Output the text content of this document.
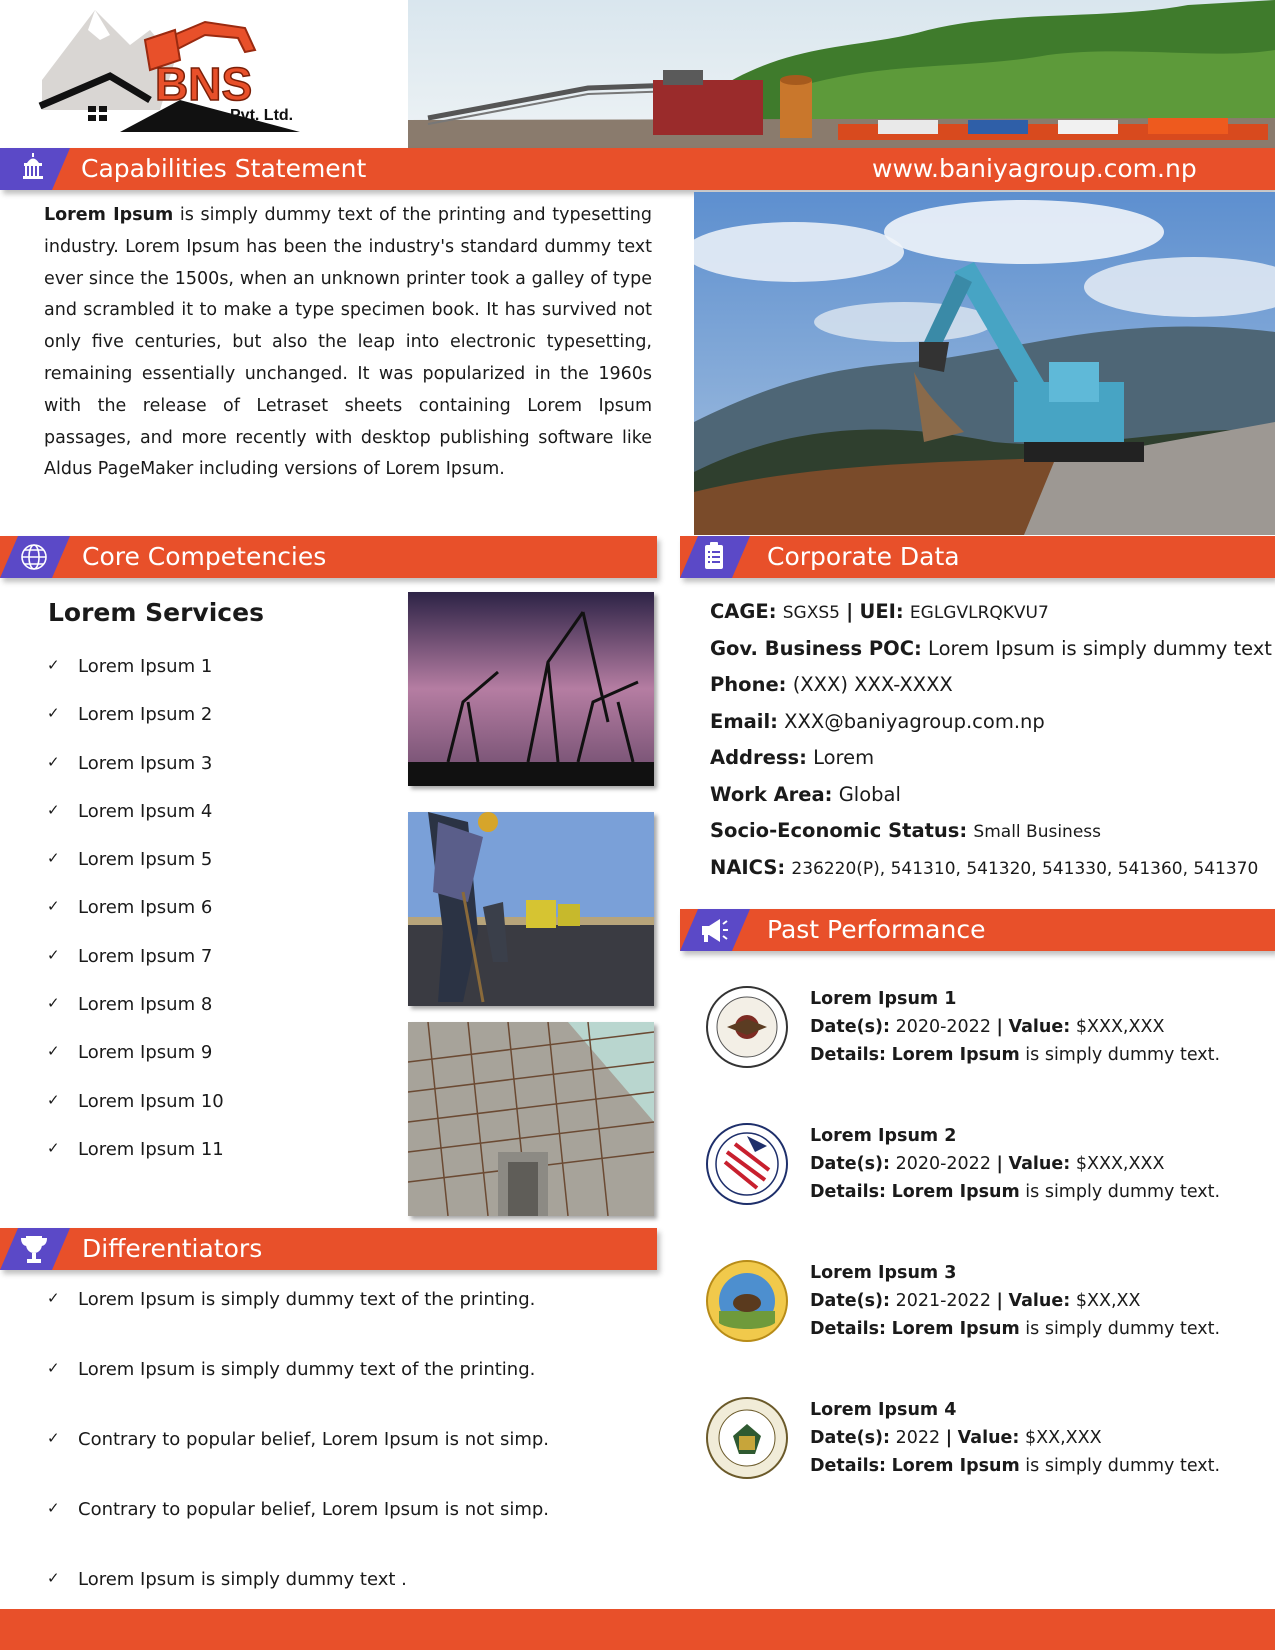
BNS
Pvt. Ltd.
Capabilities Statement	www.baniyagroup.com.np
Lorem Ipsum is simply dummy text of the printing and typesetting industry. Lorem Ipsum has been the industry's standard dummy text ever since the 1500s, when an unknown printer took a galley of type and scrambled it to make a type specimen book. It has survived not only five centuries, but also the leap into electronic typesetting, remaining essentially unchanged. It was popularized in the 1960s with the release of Letraset sheets containing Lorem Ipsum passages, and more recently with desktop publishing software like Aldus PageMaker including versions of Lorem Ipsum.
Core Competencies
Lorem Services
✓ Lorem Ipsum 1
✓ Lorem Ipsum 2
✓ Lorem Ipsum 3
✓ Lorem Ipsum 4
✓ Lorem Ipsum 5
✓ Lorem Ipsum 6
✓ Lorem Ipsum 7
✓ Lorem Ipsum 8
✓ Lorem Ipsum 9
✓ Lorem Ipsum 10
✓ Lorem Ipsum 11
Differentiators
✓ Lorem Ipsum is simply dummy text of the printing.
✓ Lorem Ipsum is simply dummy text of the printing.
✓ Contrary to popular belief, Lorem Ipsum is not simp.
✓ Contrary to popular belief, Lorem Ipsum is not simp.
✓ Lorem Ipsum is simply dummy text .
Corporate Data
CAGE: SGXS5 | UEI: EGLGVLRQKVU7
Gov. Business POC: Lorem Ipsum is simply dummy text
Phone: (XXX) XXX-XXXX
Email: XXX@baniyagroup.com.np
Address: Lorem
Work Area: Global
Socio-Economic Status: Small Business
NAICS: 236220(P), 541310, 541320, 541330, 541360, 541370
Past Performance
Lorem Ipsum 1
Date(s): 2020-2022 | Value: $XXX,XXX
Details: Lorem Ipsum is simply dummy text.
Lorem Ipsum 2
Date(s): 2020-2022 | Value: $XXX,XXX
Details: Lorem Ipsum is simply dummy text.
Lorem Ipsum 3
Date(s): 2021-2022 | Value: $XX,XX
Details: Lorem Ipsum is simply dummy text.
Lorem Ipsum 4
Date(s): 2022 | Value: $XX,XXX
Details: Lorem Ipsum is simply dummy text.
